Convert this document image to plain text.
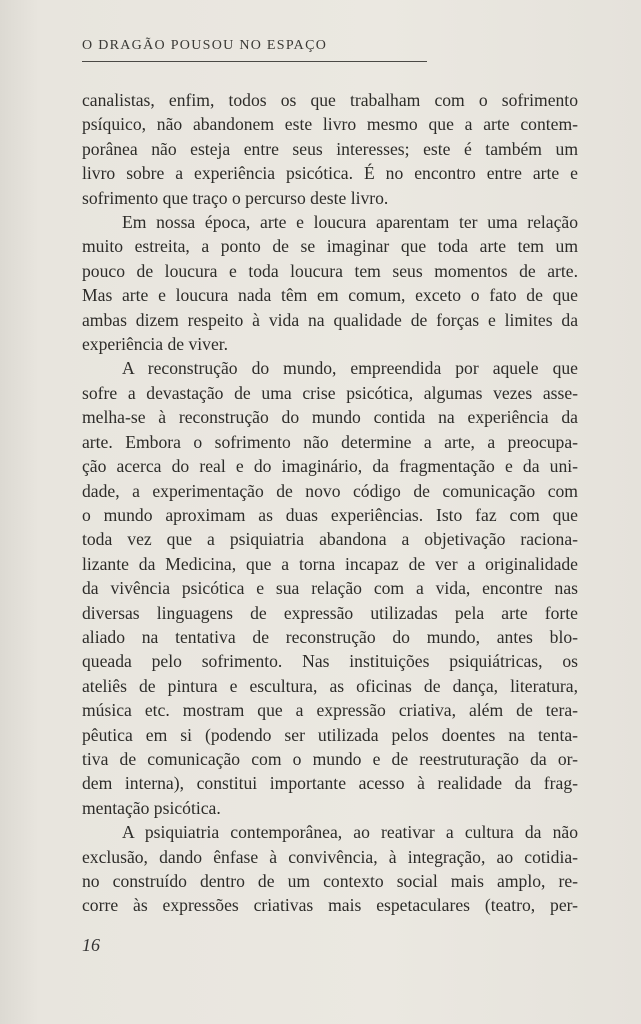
O DRAGÃO POUSOU NO ESPAÇO
canalistas, enfim, todos os que trabalham com o sofrimento
psíquico, não abandonem este livro mesmo que a arte contem-
porânea não esteja entre seus interesses; este é também um
livro sobre a experiência psicótica. É no encontro entre arte e
sofrimento que traço o percurso deste livro.
Em nossa época, arte e loucura aparentam ter uma relação
muito estreita, a ponto de se imaginar que toda arte tem um
pouco de loucura e toda loucura tem seus momentos de arte.
Mas arte e loucura nada têm em comum, exceto o fato de que
ambas dizem respeito à vida na qualidade de forças e limites da
experiência de viver.
A reconstrução do mundo, empreendida por aquele que
sofre a devastação de uma crise psicótica, algumas vezes asse-
melha-se à reconstrução do mundo contida na experiência da
arte. Embora o sofrimento não determine a arte, a preocupa-
ção acerca do real e do imaginário, da fragmentação e da uni-
dade, a experimentação de novo código de comunicação com
o mundo aproximam as duas experiências. Isto faz com que
toda vez que a psiquiatria abandona a objetivação raciona-
lizante da Medicina, que a torna incapaz de ver a originalidade
da vivência psicótica e sua relação com a vida, encontre nas
diversas linguagens de expressão utilizadas pela arte forte
aliado na tentativa de reconstrução do mundo, antes blo-
queada pelo sofrimento. Nas instituições psiquiátricas, os
ateliês de pintura e escultura, as oficinas de dança, literatura,
música etc. mostram que a expressão criativa, além de tera-
pêutica em si (podendo ser utilizada pelos doentes na tenta-
tiva de comunicação com o mundo e de reestruturação da or-
dem interna), constitui importante acesso à realidade da frag-
mentação psicótica.
A psiquiatria contemporânea, ao reativar a cultura da não
exclusão, dando ênfase à convivência, à integração, ao cotidia-
no construído dentro de um contexto social mais amplo, re-
corre às expressões criativas mais espetaculares (teatro, per-
16
